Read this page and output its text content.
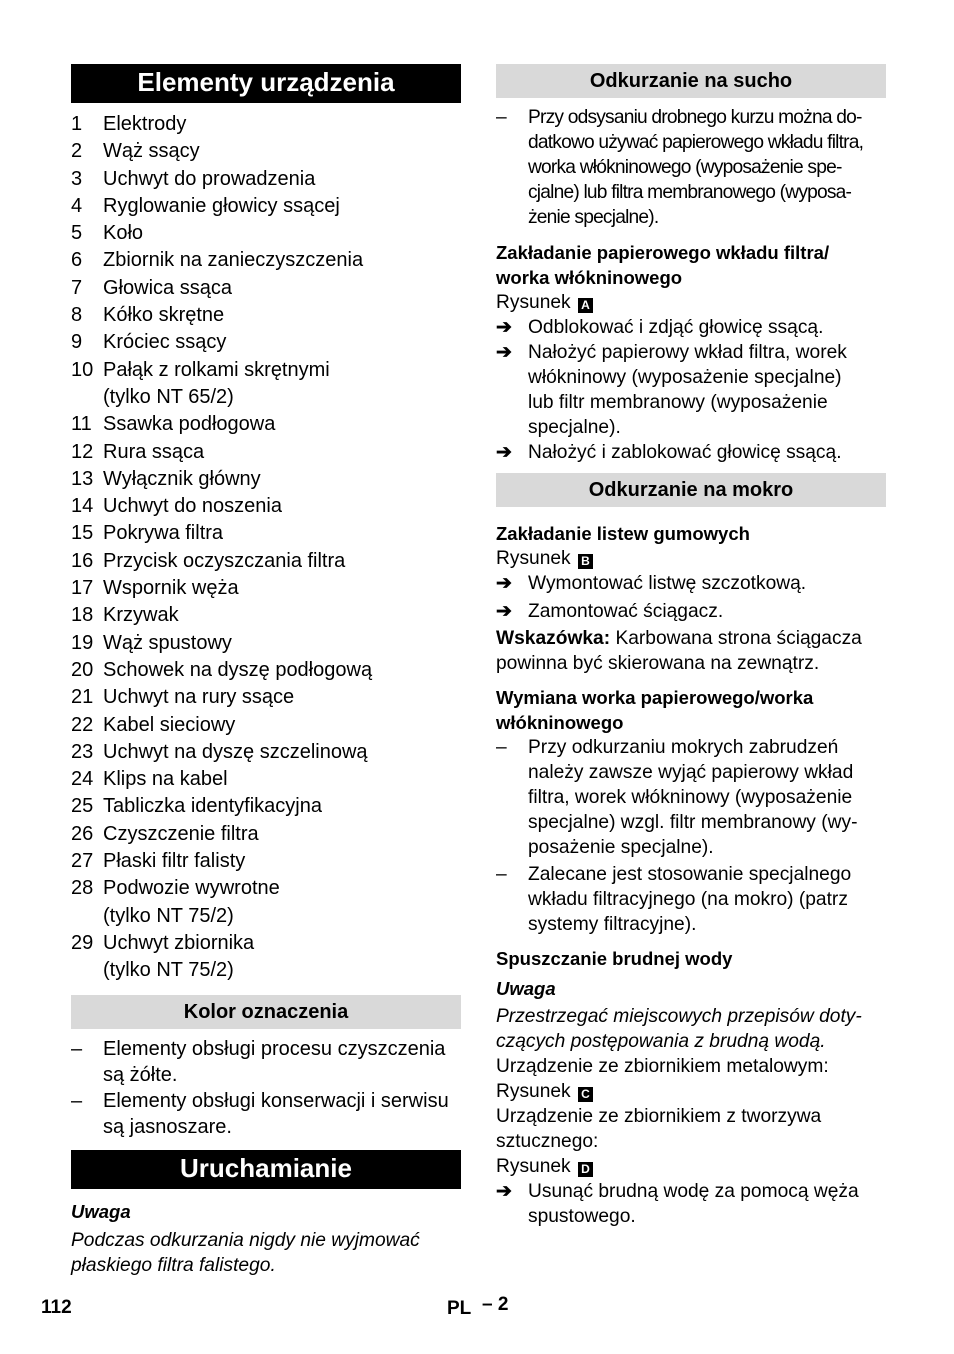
Elementy urządzenia
1	Elektrody
2	Wąż ssący
3	Uchwyt do prowadzenia
4	Ryglowanie głowicy ssącej
5	Koło
6	Zbiornik na zanieczyszczenia
7	Głowica ssąca
8	Kółko skrętne
9	Króciec ssący
10 Pałąk z rolkami skrętnymi
(tylko NT 65/2)
11 Ssawka podłogowa
12 Rura ssąca
13 Wyłącznik główny
14 Uchwyt do noszenia
15 Pokrywa filtra
16 Przycisk oczyszczania filtra
17 Wspornik węża
18 Krzywak
19 Wąż spustowy
20 Schowek na dyszę podłogową
21 Uchwyt na rury ssące
22 Kabel sieciowy
23 Uchwyt na dyszę szczelinową
24 Klips na kabel
25 Tabliczka identyfikacyjna
26 Czyszczenie filtra
27 Płaski filtr falisty
28 Podwozie wywrotne
(tylko NT 75/2)
29 Uchwyt zbiornika
(tylko NT 75/2)
Kolor oznaczenia
–	Elementy obsługi procesu czyszczenia
są żółte.
–	Elementy obsługi konserwacji i serwisu
są jasnoszare.
Uruchamianie
Uwaga
Podczas odkurzania nigdy nie wyjmować
płaskiego filtra falistego.
Odkurzanie na sucho
–	Przy odsysaniu drobnego kurzu można do-
datkowo używać papierowego wkładu filtra,
worka włókninowego (wyposażenie spe-
cjalne) lub filtra membranowego (wyposa-
żenie specjalne).
Zakładanie papierowego wkładu filtra/
worka włókninowego
Rysunek A
➔ Odblokować i zdjąć głowicę ssącą.
➔ Nałożyć papierowy wkład filtra, worek
włókninowy (wyposażenie specjalne)
lub filtr membranowy (wyposażenie
specjalne).
➔ Nałożyć i zablokować głowicę ssącą.
Odkurzanie na mokro
Zakładanie listew gumowych
Rysunek B
➔ Wymontować listwę szczotkową.
➔ Zamontować ściągacz.
Wskazówka: Karbowana strona ściągacza
powinna być skierowana na zewnątrz.
Wymiana worka papierowego/worka
włókninowego
–	Przy odkurzaniu mokrych zabrudzeń
należy zawsze wyjąć papierowy wkład
filtra, worek włókninowy (wyposażenie
specjalne) wzgl. filtr membranowy (wy-
posażenie specjalne).
–	Zalecane jest stosowanie specjalnego
wkładu filtracyjnego (na mokro) (patrz
systemy filtracyjne).
Spuszczanie brudnej wody
Uwaga
Przestrzegać miejscowych przepisów doty-
czących postępowania z brudną wodą.
Urządzenie ze zbiornikiem metalowym:
Rysunek C
Urządzenie ze zbiornikiem z tworzywa
sztucznego:
Rysunek D
➔ Usunąć brudną wodę za pomocą węża
spustowego.
112	PL – 2
